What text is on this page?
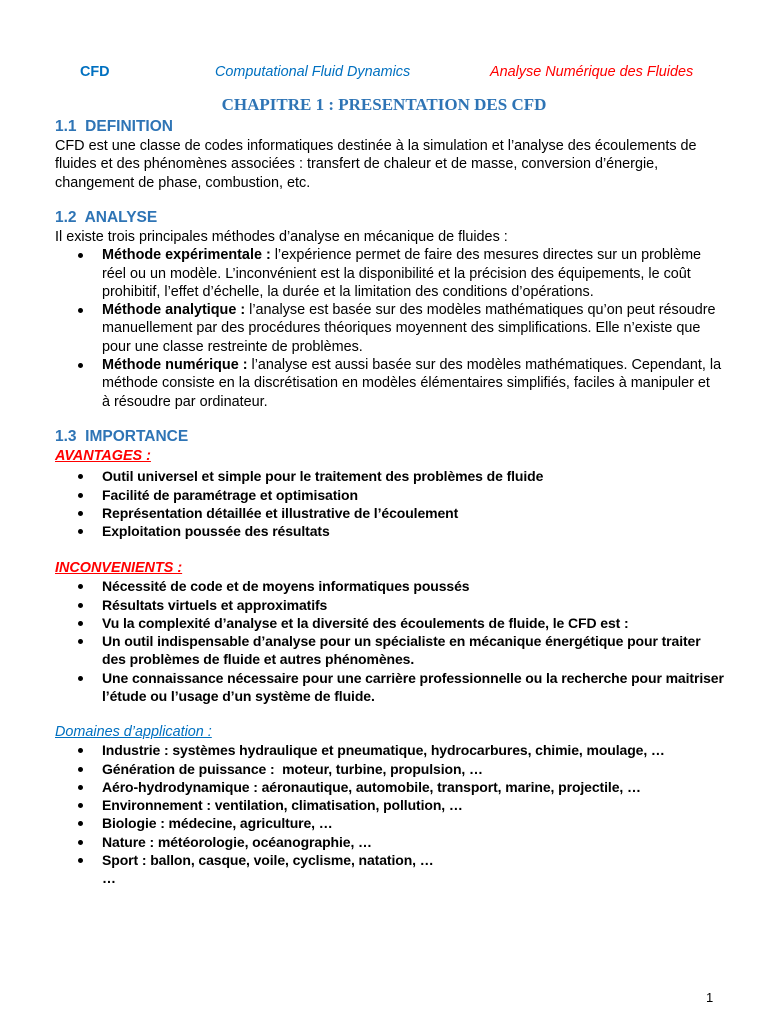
CFD	Computational Fluid Dynamics	Analyse Numérique des Fluides
CHAPITRE 1 : PRESENTATION DES CFD
1.1  DEFINITION
CFD est une classe de codes informatiques destinée à la simulation et l’analyse des écoulements de
fluides et des phénomènes associées : transfert de chaleur et de masse, conversion d’énergie,
changement de phase, combustion, etc.
1.2  ANALYSE
Il existe trois principales méthodes d’analyse en mécanique de fluides :
Méthode expérimentale : l’expérience permet de faire des mesures directes sur un problème
réel ou un modèle. L’inconvénient est la disponibilité et la précision des équipements, le coût
prohibitif, l’effet d’échelle, la durée et la limitation des conditions d’opérations.
Méthode analytique : l’analyse est basée sur des modèles mathématiques qu’on peut résoudre
manuellement par des procédures théoriques moyennent des simplifications. Elle n’existe que
pour une classe restreinte de problèmes.
Méthode numérique : l’analyse est aussi basée sur des modèles mathématiques. Cependant, la
méthode consiste en la discrétisation en modèles élémentaires simplifiés, faciles à manipuler et
à résoudre par ordinateur.
1.3  IMPORTANCE
AVANTAGES :
Outil universel et simple pour le traitement des problèmes de fluide
Facilité de paramétrage et optimisation
Représentation détaillée et illustrative de l’écoulement
Exploitation poussée des résultats
INCONVENIENTS :
Nécessité de code et de moyens informatiques poussés
Résultats virtuels et approximatifs
Vu la complexité d’analyse et la diversité des écoulements de fluide, le CFD est :
Un outil indispensable d’analyse pour un spécialiste en mécanique énergétique pour traiter
des problèmes de fluide et autres phénomènes.
Une connaissance nécessaire pour une carrière professionnelle ou la recherche pour maitriser
l’étude ou l’usage d’un système de fluide.
Domaines d’application :
Industrie : systèmes hydraulique et pneumatique, hydrocarbures, chimie, moulage, …
Génération de puissance :  moteur, turbine, propulsion, …
Aéro-hydrodynamique : aéronautique, automobile, transport, marine, projectile, …
Environnement : ventilation, climatisation, pollution, …
Biologie : médecine, agriculture, …
Nature : météorologie, océanographie, …
Sport : ballon, casque, voile, cyclisme, natation, …
…
1
